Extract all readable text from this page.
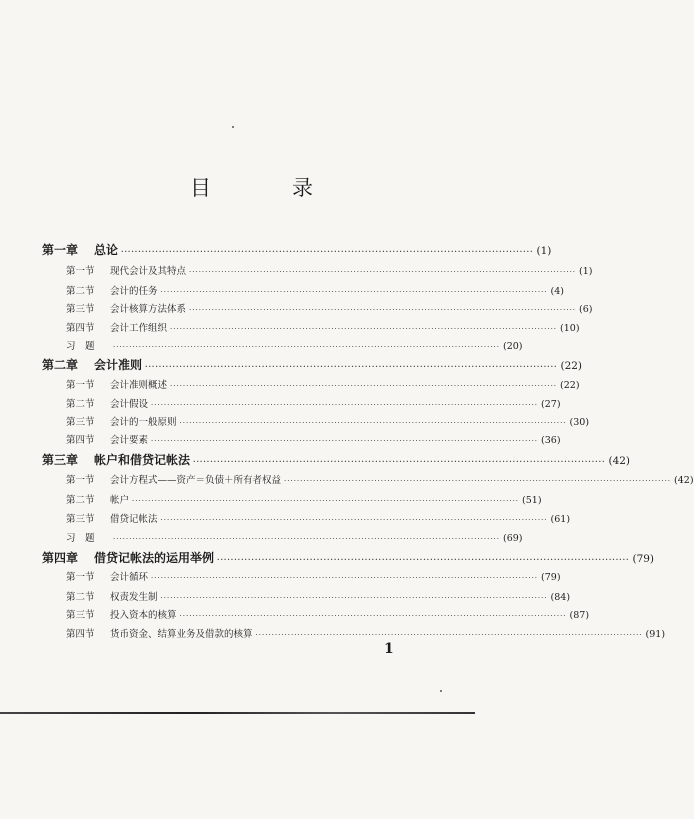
目　录
第一章	总论 ························································································································ (1)
第一节	现代会计及其特点 ························································································································ (1)
第二节	会计的任务 ························································································································ (4)
第三节	会计核算方法体系 ························································································································ (6)
第四节	会计工作组织 ························································································································ (10)
习　题	························································································································ (20)
第二章	会计准则 ························································································································ (22)
第一节	会计准则概述 ························································································································ (22)
第二节	会计假设 ························································································································ (27)
第三节	会计的一般原则 ························································································································ (30)
第四节	会计要素 ························································································································ (36)
第三章	帐户和借贷记帐法 ························································································································ (42)
第一节	会计方程式——资产＝负债＋所有者权益 ························································································································ (42)
第二节	帐户 ························································································································ (51)
第三节	借贷记帐法 ························································································································ (61)
习　题	························································································································ (69)
第四章	借贷记帐法的运用举例 ························································································································ (79)
第一节	会计循环 ························································································································ (79)
第二节	权责发生制 ························································································································ (84)
第三节	投入资本的核算 ························································································································ (87)
第四节	货币资金、结算业务及借款的核算 ························································································································ (91)
1
